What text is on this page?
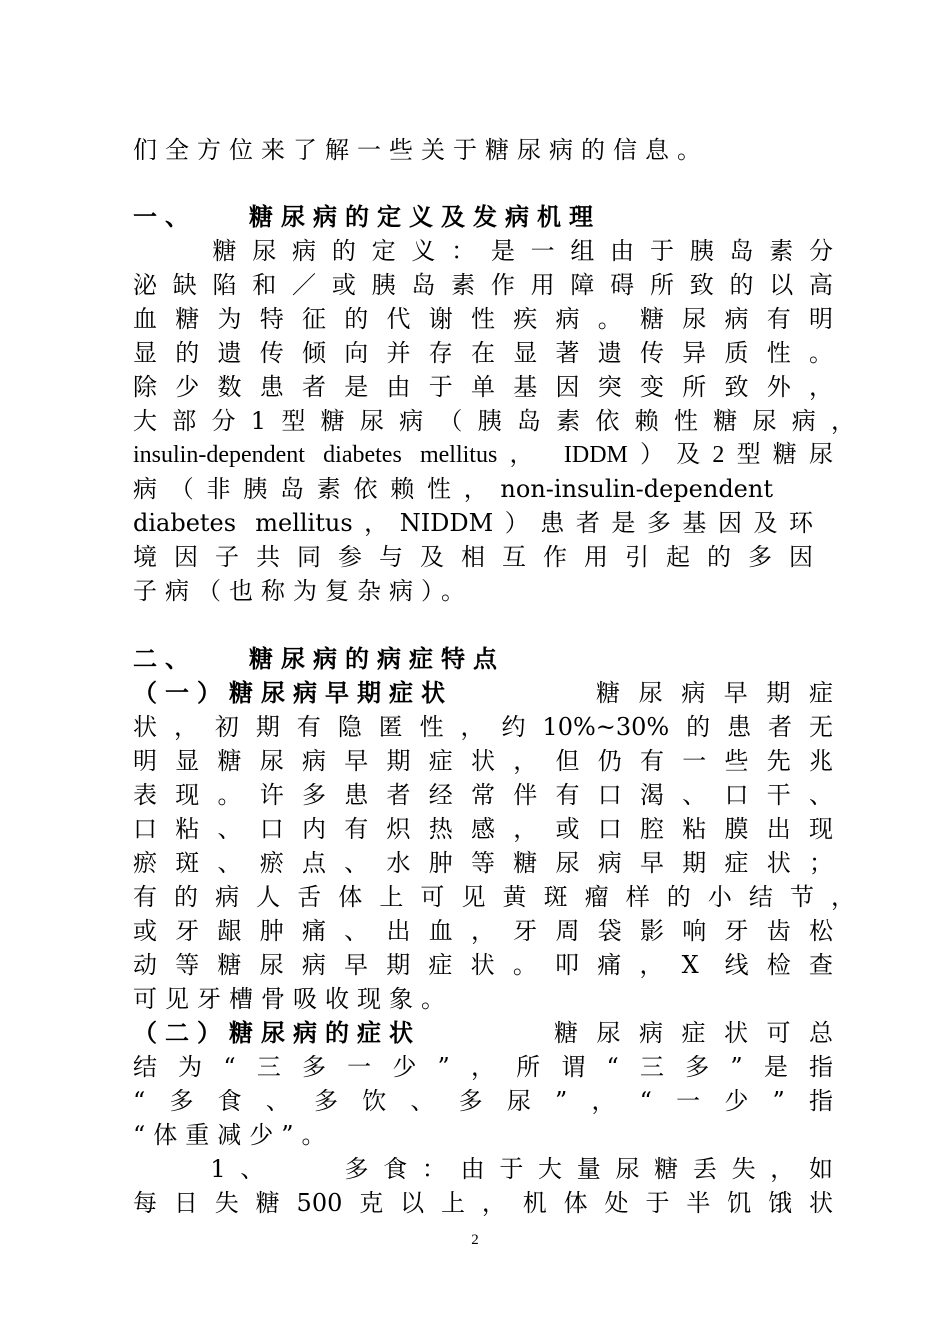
们全方位来了解一些关于糖尿病的信息。
一、　　糖尿病的定义及发病机理
　　糖尿病的定义：是一组由于胰岛素分
泌缺陷和／或胰岛素作用障碍所致的以高
血糖为特征的代谢性疾病。糖尿病有明
显的遗传倾向并存在显著遗传异质性。
除少数患者是由于单基因突变所致外，
大部分1型糖尿病（胰岛素依赖性糖尿病，
insulin-dependent diabetes mellitus， IDDM）及2型糖尿
病（非胰岛素依赖性，non-insulin-dependent
diabetes mellitus，NIDDM）患者是多基因及环
境因子共同参与及相互作用引起的多因
子病（也称为复杂病）。
二、　　糖尿病的病症特点
（一）糖尿病早期症状	糖尿病早期症
状，初期有隐匿性，约10%~30%的患者无
明显糖尿病早期症状，但仍有一些先兆
表现。许多患者经常伴有口渴、口干、
口粘、口内有炽热感，或口腔粘膜出现
瘀斑、瘀点、水肿等糖尿病早期症状；
有的病人舌体上可见黄斑瘤样的小结节，
或牙龈肿痛、出血，牙周袋影响牙齿松
动等糖尿病早期症状。叩痛，X 线检查
可见牙槽骨吸收现象。
（二）糖尿病的症状	糖尿病症状可总
结为“三多一少”，所谓“三多”是指
“多食、多饮、多尿”，“一少”指
“体重减少”。
　　1、　　多食：由于大量尿糖丢失，如
每日失糖500克以上，机体处于半饥饿状
2
